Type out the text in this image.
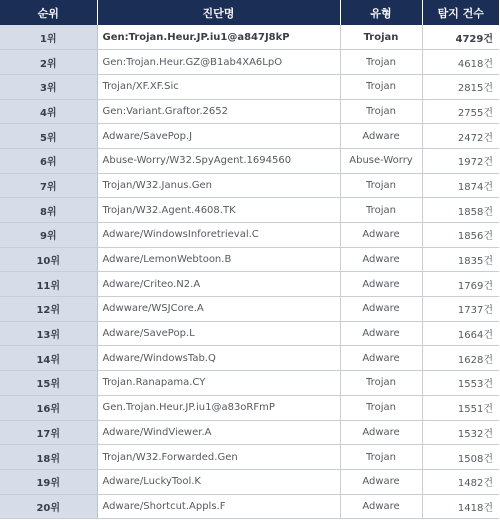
순위	진단명	유형	탐지 건수
1위	Gen:Trojan.Heur.JP.iu1@a847J8kP	Trojan	4729건
2위	Gen:Trojan.Heur.GZ@B1ab4XA6LpO	Trojan	4618건
3위	Trojan/XF.XF.Sic	Trojan	2815건
4위	Gen:Variant.Graftor.2652	Trojan	2755건
5위	Adware/SavePop.J	Adware	2472건
6위	Abuse-Worry/W32.SpyAgent.1694560	Abuse-Worry	1972건
7위	Trojan/W32.Janus.Gen	Trojan	1874건
8위	Trojan/W32.Agent.4608.TK	Trojan	1858건
9위	Adware/WindowsInforetrieval.C	Adware	1856건
10위	Adware/LemonWebtoon.B	Adware	1835건
11위	Adware/Criteo.N2.A	Adware	1769건
12위	Adwware/WSJCore.A	Adware	1737건
13위	Adware/SavePop.L	Adware	1664건
14위	Adware/WindowsTab.Q	Adware	1628건
15위	Trojan.Ranapama.CY	Trojan	1553건
16위	Gen.Trojan.Heur.JP.iu1@a83oRFmP	Trojan	1551건
17위	Adware/WindViewer.A	Adware	1532건
18위	Trojan/W32.Forwarded.Gen	Trojan	1508건
19위	Adware/LuckyTool.K	Adware	1482건
20위	Adware/Shortcut.Appls.F	Adware	1418건
